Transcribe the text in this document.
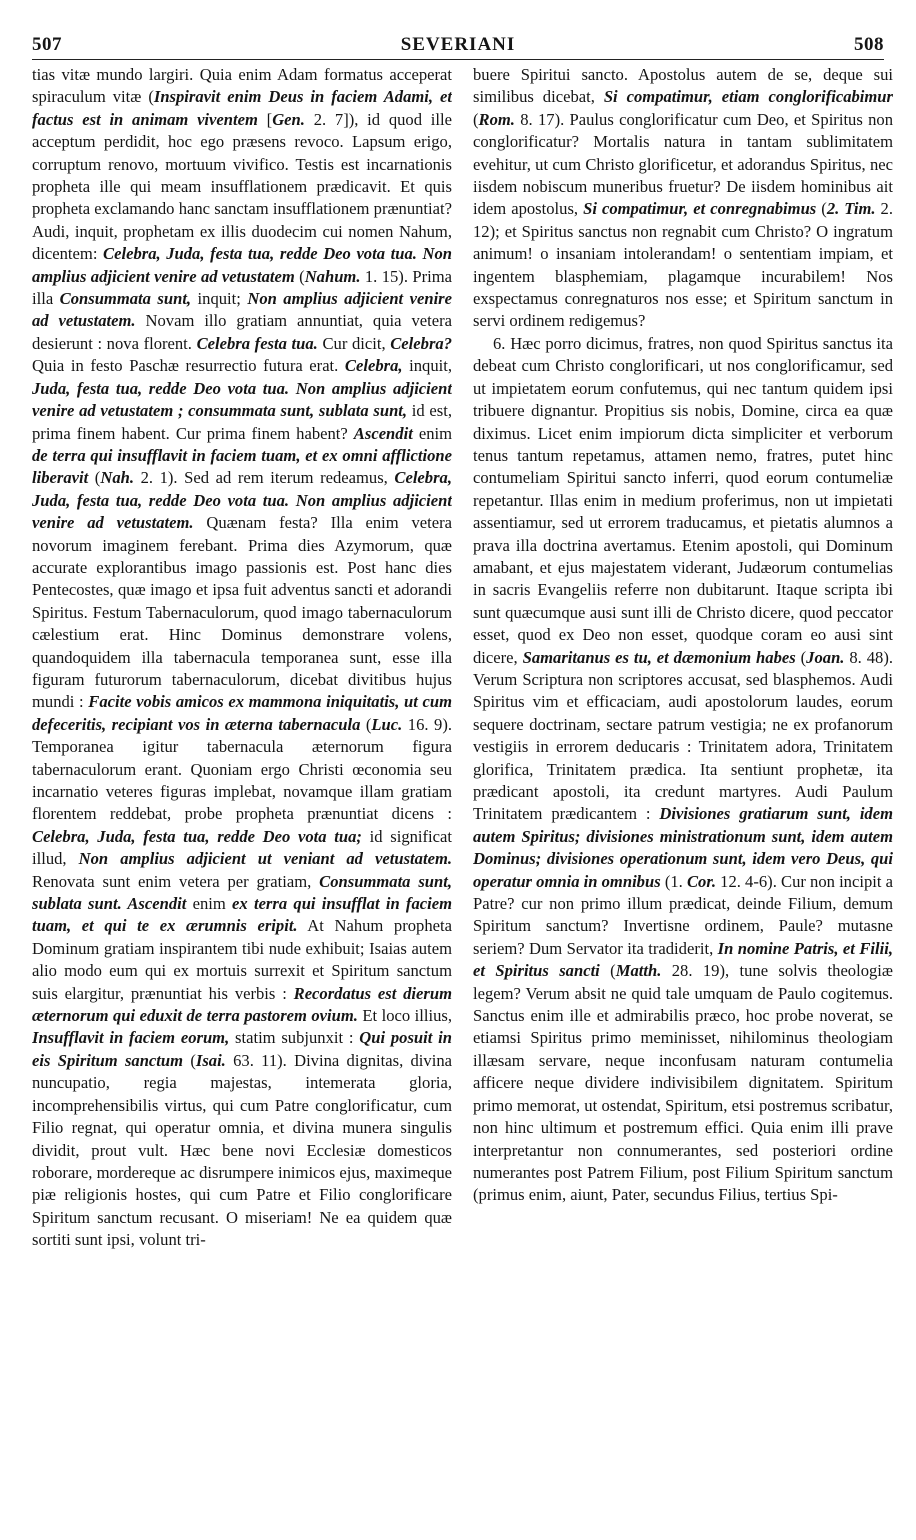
507	SEVERIANI	508

tias vitæ mundo largiri. Quia enim Adam formatus acceperat spiraculum vitæ (Inspiravit enim Deus in faciem Adami, et factus est in animam viventem [Gen. 2. 7]), id quod ille acceptum perdidit, hoc ego præsens revoco. Lapsum erigo, corruptum renovo, mortuum vivifico. Testis est incarnationis propheta ille qui meam insufflationem prædicavit. Et quis propheta exclamando hanc sanctam insufflationem prænuntiat? Audi, inquit, prophetam ex illis duodecim cui nomen Nahum, dicentem: Celebra, Juda, festa tua, redde Deo vota tua. Non amplius adjicient venire ad vetustatem (Nahum. 1. 15). Prima illa Consummata sunt, inquit; Non amplius adjicient venire ad vetustatem. Novam illo gratiam annuntiat, quia vetera desierunt : nova florent. Celebra festa tua. Cur dicit, Celebra? Quia in festo Paschæ resurrectio futura erat. Celebra, inquit, Juda, festa tua, redde Deo vota tua. Non amplius adjicient venire ad vetustatem ; consummata sunt, sublata sunt, id est, prima finem habent. Cur prima finem habent? Ascendit enim de terra qui insufflavit in faciem tuam, et ex omni afflictione liberavit (Nah. 2. 1). Sed ad rem iterum redeamus, Celebra, Juda, festa tua, redde Deo vota tua. Non amplius adjicient venire ad vetustatem. Quænam festa? Illa enim vetera novorum imaginem ferebant. Prima dies Azymorum, quæ accurate explorantibus imago passionis est. Post hanc dies Pentecostes, quæ imago et ipsa fuit adventus sancti et adorandi Spiritus. Festum Tabernaculorum, quod imago tabernaculorum cælestium erat. Hinc Dominus demonstrare volens, quandoquidem illa tabernacula temporanea sunt, esse illa figuram futurorum tabernaculorum, dicebat divitibus hujus mundi : Facite vobis amicos ex mammona iniquitatis, ut cum defeceritis, recipiant vos in æterna tabernacula (Luc. 16. 9). Temporanea igitur tabernacula æternorum figura tabernaculorum erant. Quoniam ergo Christi œconomia seu incarnatio veteres figuras implebat, novamque illam gratiam florentem reddebat, probe propheta prænuntiat dicens : Celebra, Juda, festa tua, redde Deo vota tua; id significat illud, Non amplius adjicient ut veniant ad vetustatem. Renovata sunt enim vetera per gratiam, Consummata sunt, sublata sunt. Ascendit enim ex terra qui insufflat in faciem tuam, et qui te ex ærumnis eripit. At Nahum propheta Dominum gratiam inspirantem tibi nude exhibuit; Isaias autem alio modo eum qui ex mortuis surrexit et Spiritum sanctum suis elargitur, prænuntiat his verbis : Recordatus est dierum æternorum qui eduxit de terra pastorem ovium. Et loco illius, Insufflavit in faciem eorum, statim subjunxit : Qui posuit in eis Spiritum sanctum (Isai. 63. 11). Divina dignitas, divina nuncupatio, regia majestas, intemerata gloria, incomprehensibilis virtus, qui cum Patre conglorificatur, cum Filio regnat, qui operatur omnia, et divina munera singulis dividit, prout vult. Hæc bene novi Ecclesiæ domesticos roborare, mordereque ac disrumpere inimicos ejus, maximeque piæ religionis hostes, qui cum Patre et Filio conglorificare Spiritum sanctum recusant. O miseriam! Ne ea quidem quæ sortiti sunt ipsi, volunt tri-

buere Spiritui sancto. Apostolus autem de se, deque sui similibus dicebat, Si compatimur, etiam conglorificabimur (Rom. 8. 17). Paulus conglorificatur cum Deo, et Spiritus non conglorificatur? Mortalis natura in tantam sublimitatem evehitur, ut cum Christo glorificetur, et adorandus Spiritus, nec iisdem nobiscum muneribus fruetur? De iisdem hominibus ait idem apostolus, Si compatimur, et conregnabimus (2. Tim. 2. 12); et Spiritus sanctus non regnabit cum Christo? O ingratum animum! o insaniam intolerandam! o sententiam impiam, et ingentem blasphemiam, plagamque incurabilem! Nos exspectamus conregnaturos nos esse; et Spiritum sanctum in servi ordinem redigemus?

6. Hæc porro dicimus, fratres, non quod Spiritus sanctus ita debeat cum Christo conglorificari, ut nos conglorificamur, sed ut impietatem eorum confutemus, qui nec tantum quidem ipsi tribuere dignantur. Propitius sis nobis, Domine, circa ea quæ diximus. Licet enim impiorum dicta simpliciter et verborum tenus tantum repetamus, attamen nemo, fratres, putet hinc contumeliam Spiritui sancto inferri, quod eorum contumeliæ repetantur. Illas enim in medium proferimus, non ut impietati assentiamur, sed ut errorem traducamus, et pietatis alumnos a prava illa doctrina avertamus. Etenim apostoli, qui Dominum amabant, et ejus majestatem viderant, Judæorum contumelias in sacris Evangeliis referre non dubitarunt. Itaque scripta ibi sunt quæcumque ausi sunt illi de Christo dicere, quod peccator esset, quod ex Deo non esset, quodque coram eo ausi sint dicere, Samaritanus es tu, et dæmonium habes (Joan. 8. 48). Verum Scriptura non scriptores accusat, sed blasphemos. Audi Spiritus vim et efficaciam, audi apostolorum laudes, eorum sequere doctrinam, sectare patrum vestigia; ne ex profanorum vestigiis in errorem deducaris : Trinitatem adora, Trinitatem glorifica, Trinitatem prædica. Ita sentiunt prophetæ, ita prædicant apostoli, ita credunt martyres. Audi Paulum Trinitatem prædicantem : Divisiones gratiarum sunt, idem autem Spiritus; divisiones ministrationum sunt, idem autem Dominus; divisiones operationum sunt, idem vero Deus, qui operatur omnia in omnibus (1. Cor. 12. 4-6). Cur non incipit a Patre? cur non primo illum prædicat, deinde Filium, demum Spiritum sanctum? Invertisne ordinem, Paule? mutasne seriem? Dum Servator ita tradiderit, In nomine Patris, et Filii, et Spiritus sancti (Matth. 28. 19), tune solvis theologiæ legem? Verum absit ne quid tale umquam de Paulo cogitemus. Sanctus enim ille et admirabilis præco, hoc probe noverat, se etiamsi Spiritus primo meminisset, nihilominus theologiam illæsam servare, neque inconfusam naturam contumelia afficere neque dividere indivisibilem dignitatem. Spiritum primo memorat, ut ostendat, Spiritum, etsi postremus scribatur, non hinc ultimum et postremum effici. Quia enim illi prave interpretantur non connumerantes, sed posteriori ordine numerantes post Patrem Filium, post Filium Spiritum sanctum (primus enim, aiunt, Pater, secundus Filius, tertius Spi-
